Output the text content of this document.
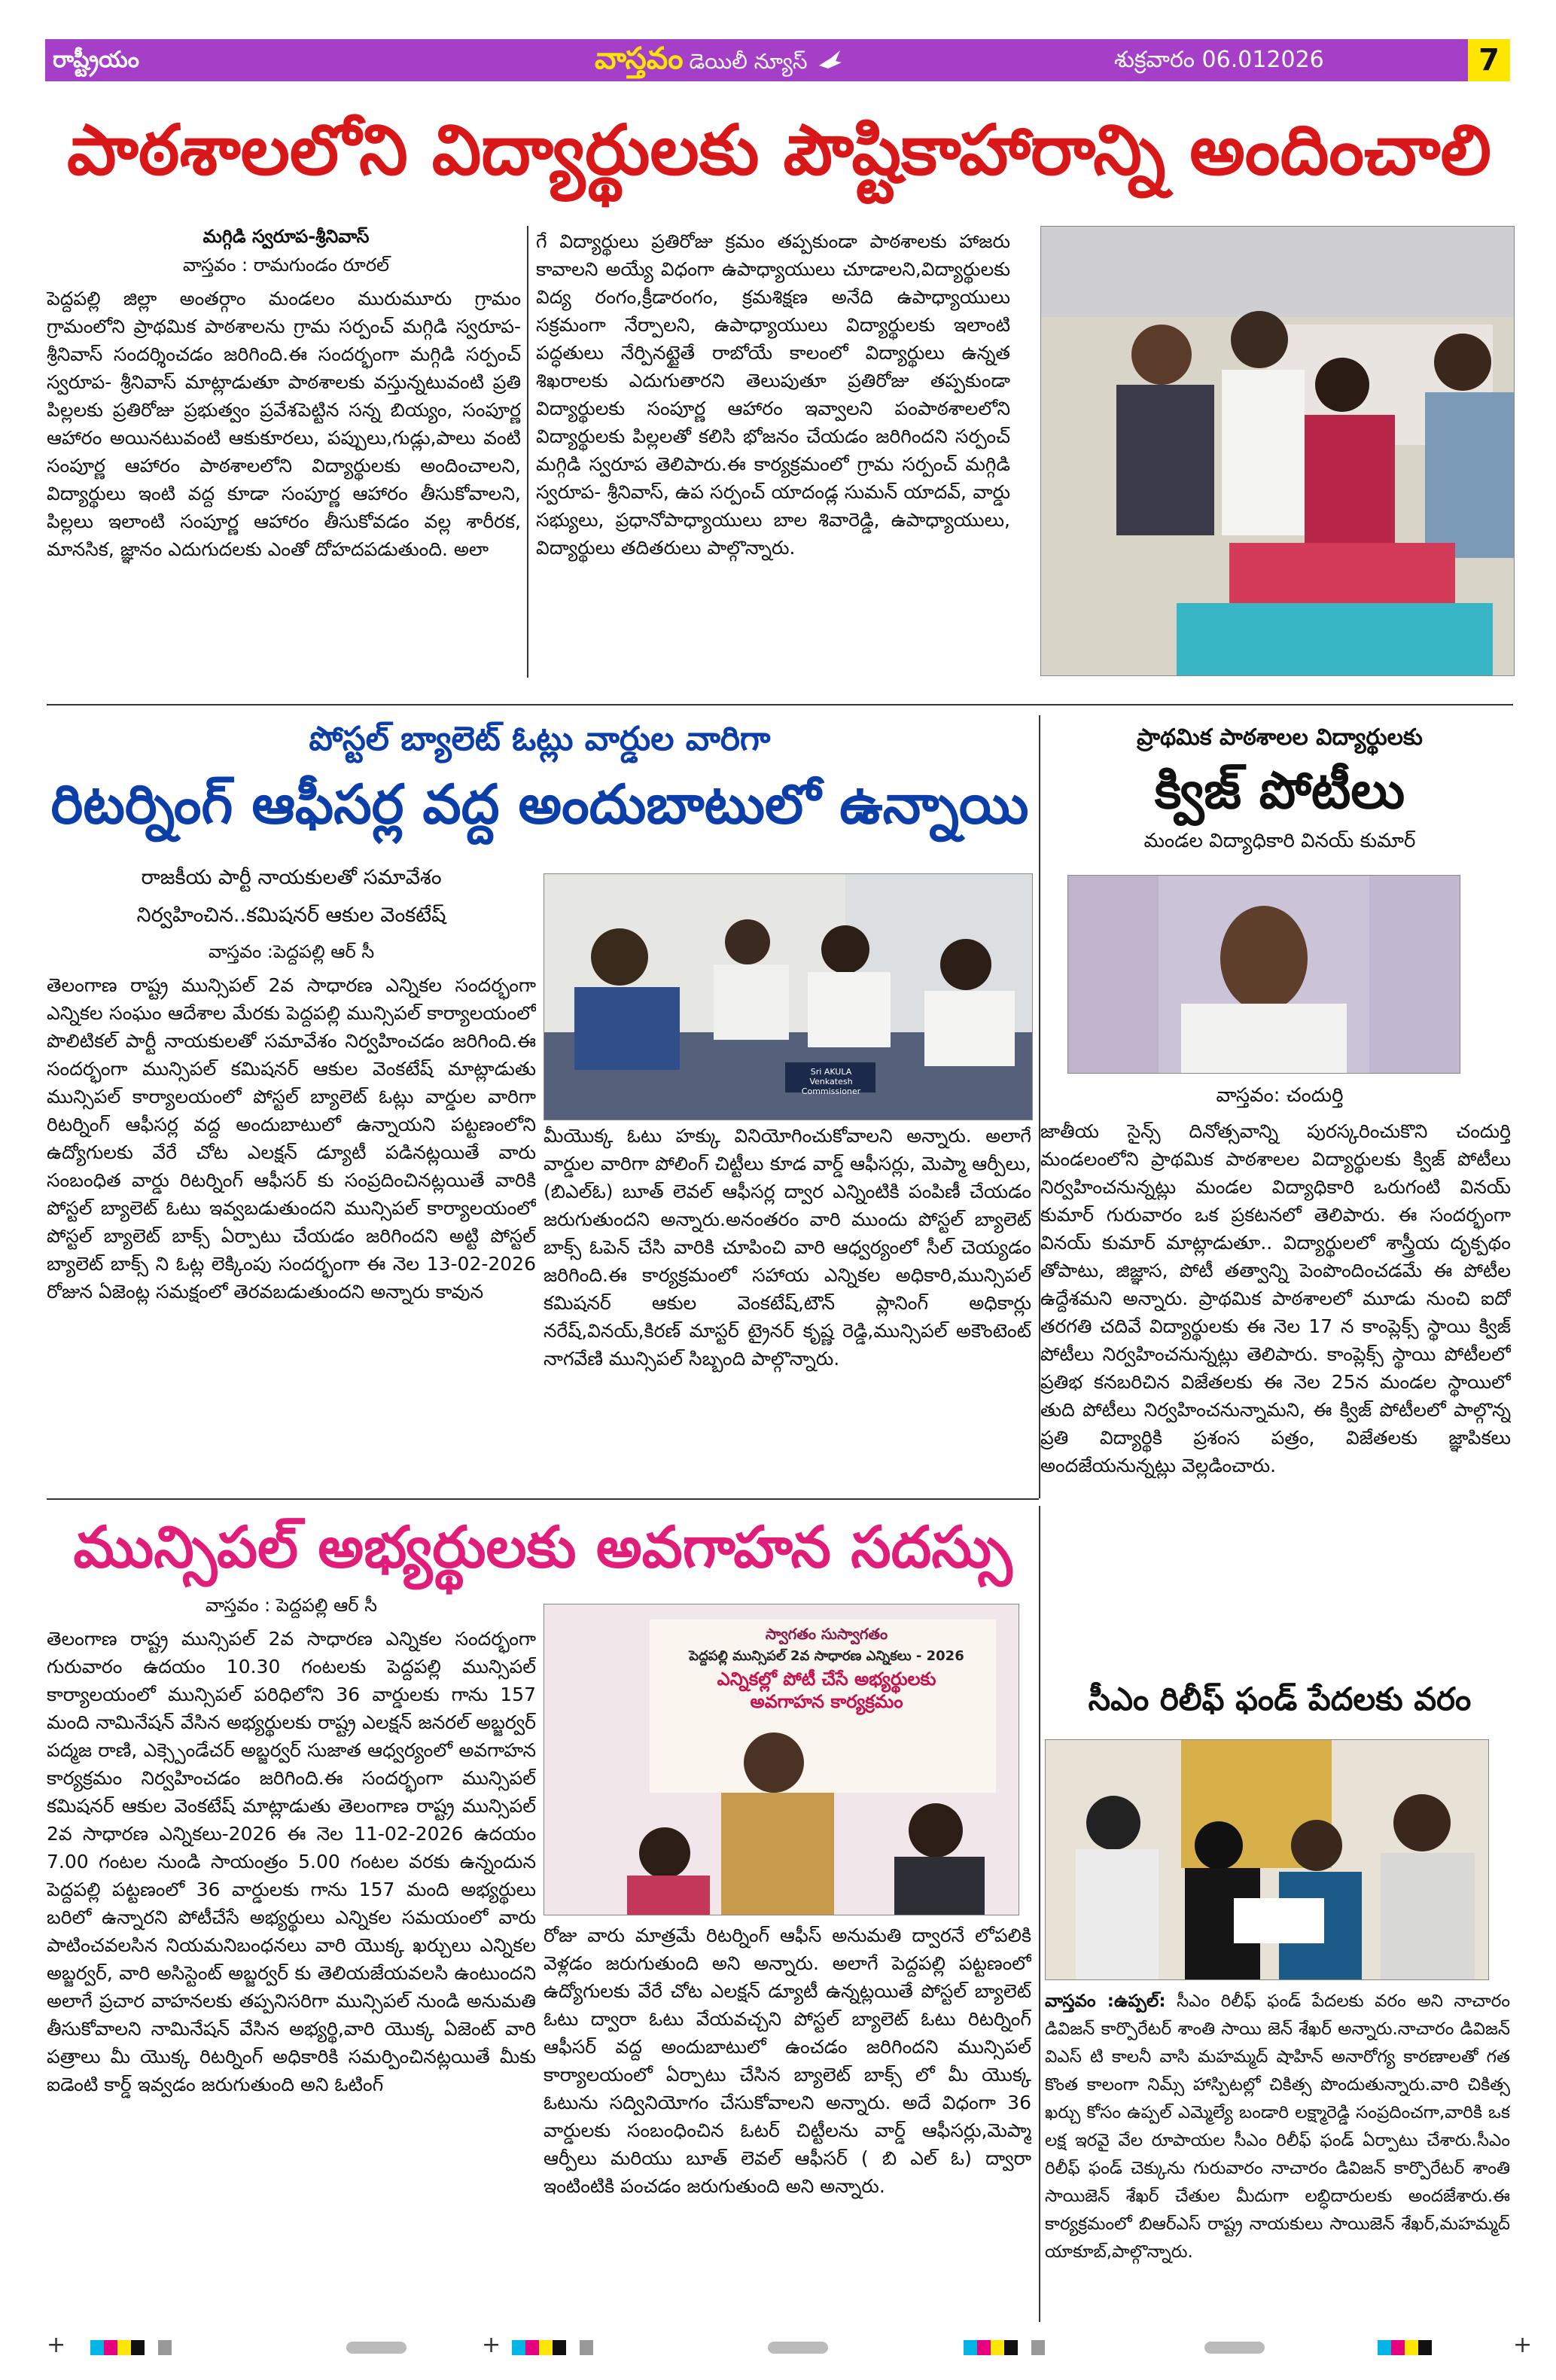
రాష్ట్రీయం	వాస్తవం డెయిలీ న్యూస్	శుక్రవారం 06.012026	7
పాఠశాలలోని విద్యార్థులకు పౌష్టికాహారాన్ని అందించాలి
మగ్గిడి స్వరూప-శ్రీనివాస్
వాస్తవం : రామగుండం రూరల్
పెద్దపల్లి జిల్లా అంతర్గాం మండలం మురుమూరు గ్రామం గ్రామంలోని ప్రాథమిక పాఠశాలను గ్రామ సర్పంచ్ మగ్గిడి స్వరూప- శ్రీనివాస్ సందర్శించడం జరిగింది.ఈ సందర్భంగా మగ్గిడి సర్పంచ్ స్వరూప- శ్రీనివాస్ మాట్లాడుతూ పాఠశాలకు వస్తున్నటువంటి ప్రతి పిల్లలకు ప్రతిరోజు ప్రభుత్వం ప్రవేశపెట్టిన సన్న బియ్యం, సంపూర్ణ ఆహారం అయినటువంటి ఆకుకూరలు, పప్పులు,గుడ్లు,పాలు వంటి సంపూర్ణ ఆహారం పాఠశాలలోని విద్యార్థులకు అందించాలని, విద్యార్థులు ఇంటి వద్ద కూడా సంపూర్ణ ఆహారం తీసుకోవాలని, పిల్లలు ఇలాంటి సంపూర్ణ ఆహారం తీసుకోవడం వల్ల శారీరక, మానసిక, జ్ఞానం ఎదుగుదలకు ఎంతో దోహదపడుతుంది. అలా
గే విద్యార్థులు ప్రతిరోజు క్రమం తప్పకుండా పాఠశాలకు హాజరు కావాలని అయ్యే విధంగా ఉపాధ్యాయులు చూడాలని,విద్యార్థులకు విద్య రంగం,క్రీడారంగం, క్రమశిక్షణ అనేది ఉపాధ్యాయులు సక్రమంగా నేర్పాలని, ఉపాధ్యాయులు విద్యార్థులకు ఇలాంటి పద్ధతులు నేర్పినట్టైతే రాబోయే కాలంలో విద్యార్థులు ఉన్నత శిఖరాలకు ఎదుగుతారని తెలుపుతూ ప్రతిరోజు తప్పకుండా విద్యార్థులకు సంపూర్ణ ఆహారం ఇవ్వాలని పంపాఠశాలలోని విద్యార్థులకు పిల్లలతో కలిసి భోజనం చేయడం జరిగిందని సర్పంచ్ మగ్గిడి స్వరూప తెలిపారు.ఈ కార్యక్రమంలో గ్రామ సర్పంచ్ మగ్గిడి స్వరూప- శ్రీనివాస్, ఉప సర్పంచ్ యాదండ్ల సుమన్ యాదవ్, వార్డు సభ్యులు, ప్రధానోపాధ్యాయులు బాల శివారెడ్డి, ఉపాధ్యాయులు, విద్యార్థులు తదితరులు పాల్గొన్నారు.
పోస్టల్ బ్యాలెట్ ఓట్లు వార్డుల వారిగా
రిటర్నింగ్ ఆఫీసర్ల వద్ద అందుబాటులో ఉన్నాయి
రాజకీయ పార్టీ నాయకులతో సమావేశం
నిర్వహించిన..కమిషనర్ ఆకుల వెంకటేష్
వాస్తవం :పెద్దపల్లి ఆర్ సీ
తెలంగాణ రాష్ట్ర మున్సిపల్ 2వ సాధారణ ఎన్నికల సందర్భంగా ఎన్నికల సంఘం ఆదేశాల మేరకు పెద్దపల్లి మున్సిపల్ కార్యాలయంలో పొలిటికల్ పార్టీ నాయకులతో సమావేశం నిర్వహించడం జరిగింది.ఈ సందర్భంగా మున్సిపల్ కమిషనర్ ఆకుల వెంకటేష్ మాట్లాడుతు మున్సిపల్ కార్యాలయంలో పోస్టల్ బ్యాలెట్ ఓట్లు వార్డుల వారిగా రిటర్నింగ్ ఆఫీసర్ల వద్ద అందుబాటులో ఉన్నాయని పట్టణంలోని ఉద్యోగులకు వేరే చోట ఎలక్షన్ డ్యూటీ పడినట్లయితే వారు సంబంధిత వార్డు రిటర్నింగ్ ఆఫీసర్ కు సంప్రదించినట్లయితే వారికి పోస్టల్ బ్యాలెట్ ఓటు ఇవ్వబడుతుందని మున్సిపల్ కార్యాలయంలో పోస్టల్ బ్యాలెట్ బాక్స్ ఏర్పాటు చేయడం జరిగిందని అట్టి పోస్టల్ బ్యాలెట్ బాక్స్ ని ఓట్ల లెక్కింపు సందర్భంగా ఈ నెల 13-02-2026 రోజున ఏజెంట్ల సమక్షంలో తెరవబడుతుందని అన్నారు కావున
Sri AKULA Venkatesh
Commissioner
మీయొక్క ఓటు హక్కు వినియోగించుకోవాలని అన్నారు. అలాగే వార్డుల వారిగా పోలింగ్ చిట్టీలు కూడ వార్డ్ ఆఫీసర్లు, మెప్మా ఆర్పీలు,(బిఎల్ఓ) బూత్ లెవల్ ఆఫీసర్ల ద్వార ఎన్నింటికి పంపిణీ చేయడం జరుగుతుందని అన్నారు.అనంతరం వారి ముందు పోస్టల్ బ్యాలెట్ బాక్స్ ఓపెన్ చేసి వారికి చూపించి వారి ఆధ్వర్యంలో సీల్ చెయ్యడం జరిగింది.ఈ కార్యక్రమంలో సహాయ ఎన్నికల అధికారి,మున్సిపల్ కమిషనర్ ఆకుల వెంకటేష్,టౌన్ ప్లానింగ్ అధికార్లు నరేష్,వినయ్,కిరణ్ మాస్టర్ ట్రైనర్ కృష్ణ రెడ్డి,మున్సిపల్ అకౌంటెంట్ నాగవేణి మున్సిపల్ సిబ్బంది పాల్గొన్నారు.
ప్రాథమిక పాఠశాలల విద్యార్థులకు
క్విజ్ పోటీలు
మండల విద్యాధికారి వినయ్ కుమార్
వాస్తవం: చందుర్తి
జాతీయ సైన్స్ దినోత్సవాన్ని పురస్కరించుకొని చందుర్తి మండలంలోని ప్రాథమిక పాఠశాలల విద్యార్థులకు క్విజ్ పోటీలు నిర్వహించనున్నట్లు మండల విద్యాధికారి ఒరుగంటి వినయ్ కుమార్ గురువారం ఒక ప్రకటనలో తెలిపారు. ఈ సందర్భంగా వినయ్ కుమార్ మాట్లాడుతూ.. విద్యార్థులలో శాస్త్రీయ దృక్పథం తోపాటు, జిజ్ఞాస, పోటీ తత్వాన్ని పెంపొందించడమే ఈ పోటీల ఉద్దేశమని అన్నారు. ప్రాథమిక పాఠశాలలో మూడు నుంచి ఐదో తరగతి చదివే విద్యార్థులకు ఈ నెల 17 న కాంప్లెక్స్ స్థాయి క్విజ్ పోటీలు నిర్వహించనున్నట్లు తెలిపారు. కాంప్లెక్స్ స్థాయి పోటీలలో ప్రతిభ కనబరిచిన విజేతలకు ఈ నెల 25న మండల స్థాయిలో తుది పోటీలు నిర్వహించనున్నామని, ఈ క్విజ్ పోటీలలో పాల్గొన్న ప్రతి విద్యార్థికి ప్రశంస పత్రం, విజేతలకు జ్ఞాపికలు అందజేయనున్నట్లు వెల్లడించారు.
మున్సిపల్ అభ్యర్థులకు అవగాహన సదస్సు
వాస్తవం : పెద్దపల్లి ఆర్ సీ
తెలంగాణ రాష్ట్ర మున్సిపల్ 2వ సాధారణ ఎన్నికల సందర్భంగా గురువారం ఉదయం 10.30 గంటలకు పెద్దపల్లి మున్సిపల్ కార్యాలయంలో మున్సిపల్ పరిధిలోని 36 వార్డులకు గాను 157 మంది నామినేషన్ వేసిన అభ్యర్థులకు రాష్ట్ర ఎలక్షన్ జనరల్ అబ్జర్వర్ పద్మజ రాణి, ఎక్స్పెండేచర్ అబ్జర్వర్ సుజాత ఆధ్వర్యంలో అవగాహన కార్యక్రమం నిర్వహించడం జరిగింది.ఈ సందర్భంగా మున్సిపల్ కమిషనర్ ఆకుల వెంకటేష్ మాట్లాడుతు తెలంగాణ రాష్ట్ర మున్సిపల్ 2వ సాధారణ ఎన్నికలు-2026 ఈ నెల 11-02-2026 ఉదయం 7.00 గంటల నుండి సాయంత్రం 5.00 గంటల వరకు ఉన్నందున పెద్దపల్లి పట్టణంలో 36 వార్డులకు గాను 157 మంది అభ్యర్థులు బరిలో ఉన్నారని పోటీచేసే అభ్యర్థులు ఎన్నికల సమయంలో వారు పాటించవలసిన నియమనిబంధనలు వారి యొక్క ఖర్చులు ఎన్నికల అబ్జర్వర్, వారి అసిస్టెంట్ అబ్జర్వర్ కు తెలియజేయవలసి ఉంటుందని అలాగే ప్రచార వాహనలకు తప్పనిసరిగా మున్సిపల్ నుండి అనుమతి తీసుకోవాలని నామినేషన్ వేసిన అభ్యర్థి,వారి యొక్క ఏజెంట్ వారి పత్రాలు మీ యొక్క రిటర్నింగ్ అధికారికి సమర్పించినట్లయితే మీకు ఐడెంటి కార్డ్ ఇవ్వడం జరుగుతుంది అని ఓటింగ్
స్వాగతం సుస్వాగతం
పెద్దపల్లి మున్సిపల్ 2వ సాధారణ ఎన్నికలు - 2026
ఎన్నికల్లో పోటీ చేసే అభ్యర్థులకు
అవగాహన కార్యక్రమం
రోజు వారు మాత్రమే రిటర్నింగ్ ఆఫీస్ అనుమతి ద్వారనే లోపలికి వెళ్లడం జరుగుతుంది అని అన్నారు. అలాగే పెద్దపల్లి పట్టణంలో ఉద్యోగులకు వేరే చోట ఎలక్షన్ డ్యూటీ ఉన్నట్లయితే పోస్టల్ బ్యాలెట్ ఓటు ద్వారా ఓటు వేయవచ్చని పోస్టల్ బ్యాలెట్ ఓటు రిటర్నింగ్ ఆఫీసర్ వద్ద అందుబాటులో ఉంచడం జరిగిందని మున్సిపల్ కార్యాలయంలో ఏర్పాటు చేసిన బ్యాలెట్ బాక్స్ లో మీ యొక్క ఓటును సద్వినియోగం చేసుకోవాలని అన్నారు. అదే విధంగా 36 వార్డులకు సంబంధించిన ఓటర్ చిట్టీలను వార్డ్ ఆఫీసర్లు,మెప్మా ఆర్పీలు మరియు బూత్ లెవల్ ఆఫీసర్ ( బి ఎల్ ఓ) ద్వారా ఇంటింటికి పంచడం జరుగుతుంది అని అన్నారు.
సీఎం రిలీఫ్ ఫండ్ పేదలకు వరం
వాస్తవం :ఉప్పల్: సీఎం రిలీఫ్ ఫండ్ పేదలకు వరం అని నాచారం డివిజన్ కార్పొరేటర్ శాంతి సాయి జెన్ శేఖర్ అన్నారు.నాచారం డివిజన్ విఎస్ టి కాలనీ వాసి మహమ్మద్ షాహిన్ అనారోగ్య కారణాలతో గత కొంత కాలంగా నిమ్స్ హాస్పిటల్లో చికిత్స పొందుతున్నారు.వారి చికిత్స ఖర్చు కోసం ఉప్పల్ ఎమ్మెల్యే బండారి లక్ష్మారెడ్డి సంప్రదించగా,వారికి ఒక లక్ష ఇరవై వేల రూపాయల సీఎం రిలీఫ్ ఫండ్ ఏర్పాటు చేశారు.సీఎం రిలీఫ్ ఫండ్ చెక్కును గురువారం నాచారం డివిజన్ కార్పొరేటర్ శాంతి సాయిజెన్ శేఖర్ చేతుల మీదుగా లబ్ధిదారులకు అందజేశారు.ఈ కార్యక్రమంలో బిఆర్ఎస్ రాష్ట్ర నాయకులు సాయిజెన్ శేఖర్,మహమ్మద్ యాకూబ్,పాల్గొన్నారు.
+	+	+
